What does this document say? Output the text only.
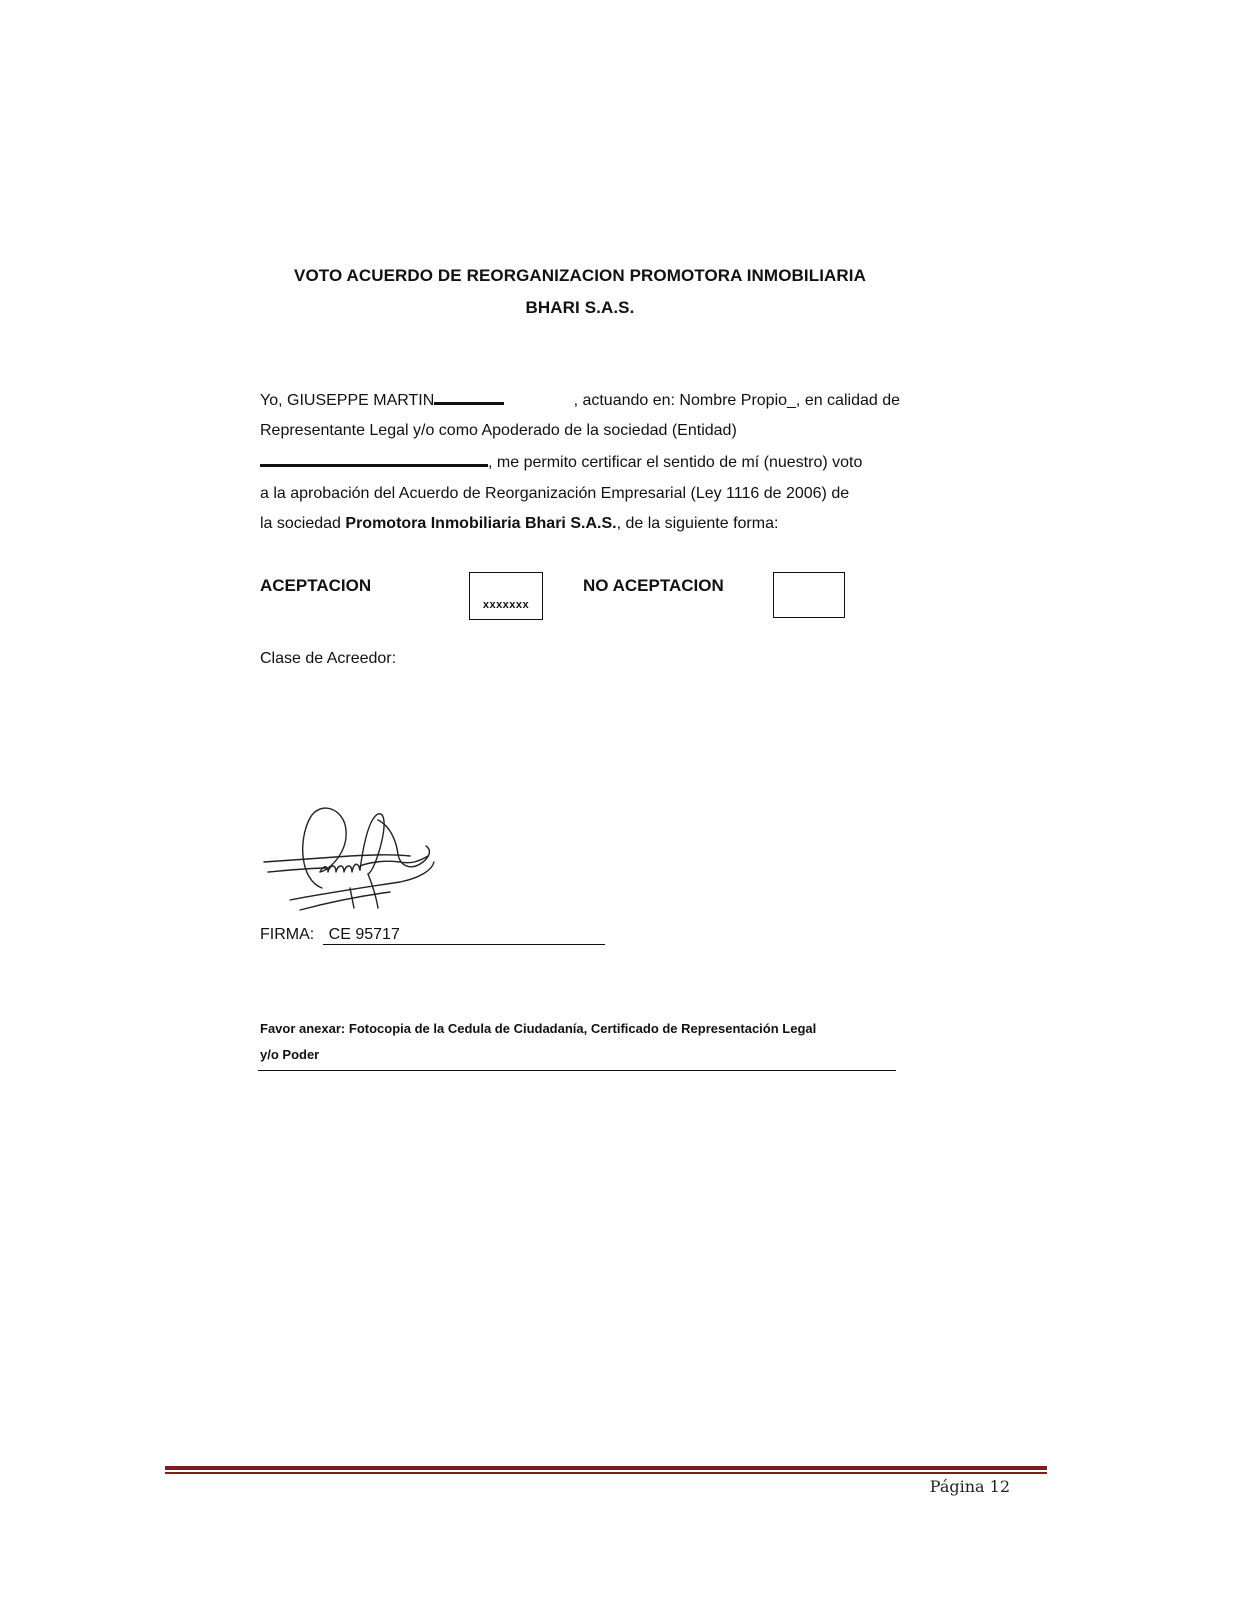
VOTO ACUERDO DE REORGANIZACION PROMOTORA INMOBILIARIA
BHARI S.A.S.
Yo, GIUSEPPE MARTIN	, actuando en: Nombre Propio_, en calidad de
Representante Legal y/o como Apoderado de la sociedad (Entidad)
, me permito certificar el sentido de mí (nuestro) voto
a la aprobación del Acuerdo de Reorganización Empresarial (Ley 1116 de 2006) de
la sociedad Promotora Inmobiliaria Bhari S.A.S., de la siguiente forma:
ACEPTACION
xxxxxxx
NO ACEPTACION
Clase de Acreedor:
FIRMA: CE 95717
Favor anexar: Fotocopia de la Cedula de Ciudadanía, Certificado de Representación Legal
y/o Poder
Página 12
